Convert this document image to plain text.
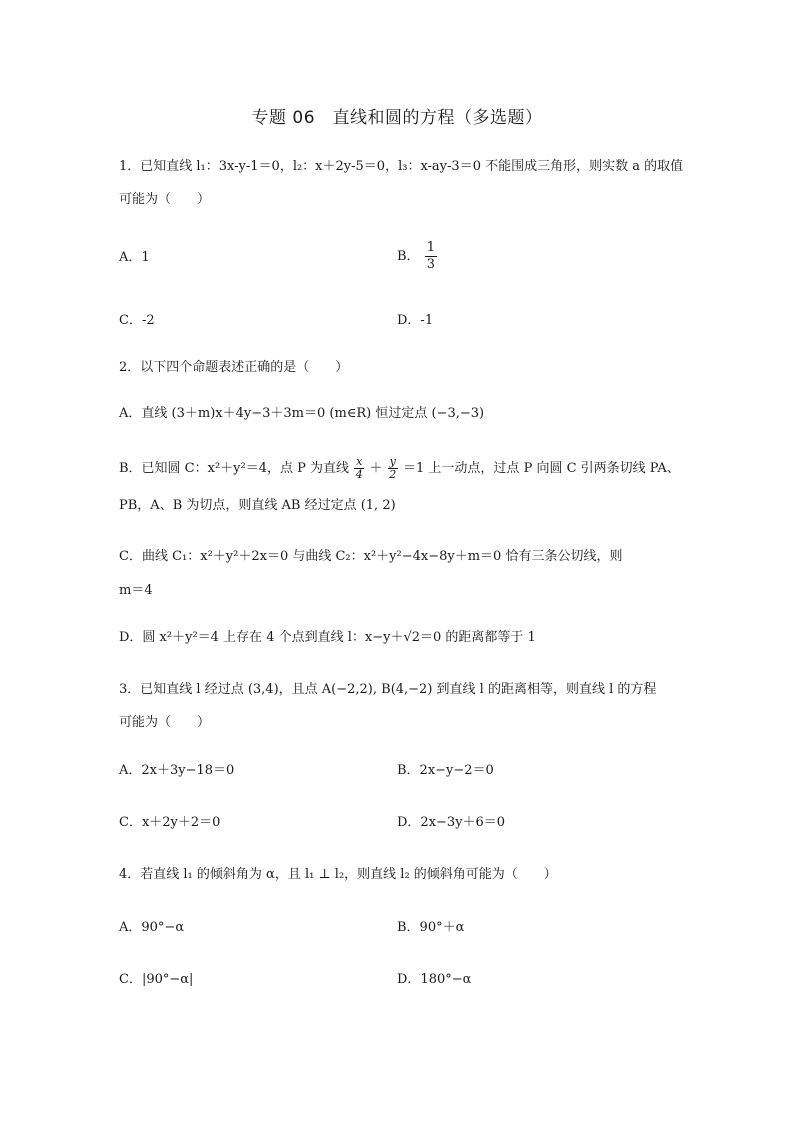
专题 06　直线和圆的方程（多选题）
1．已知直线 l₁：3x-y-1＝0，l₂：x＋2y-5＝0，l₃：x-ay-3＝0 不能围成三角形，则实数 a 的取值
可能为（　　）
A．1	B． $\frac{1}{3}$
C．-2	D．-1
2．以下四个命题表述正确的是（　　）
A．直线 (3＋m)x＋4y−3＋3m＝0 (m∈R) 恒过定点 (−3,−3)
B．已知圆 C：x²＋y²＝4，点 P 为直线 $\frac{x}{4} + \frac{y}{2} =1$ 上一动点，过点 P 向圆 C 引两条切线 PA、
PB，A、B 为切点，则直线 AB 经过定点 (1, 2)
C．曲线 C₁：x²＋y²＋2x＝0 与曲线 C₂：x²＋y²−4x−8y＋m＝0 恰有三条公切线，则
m＝4
D．圆 x²＋y²＝4 上存在 4 个点到直线 l：x−y＋√2＝0 的距离都等于 1
3．已知直线 l 经过点 (3,4)，且点 A(−2,2), B(4,−2) 到直线 l 的距离相等，则直线 l 的方程
可能为（　　）
A．2x＋3y−18＝0	B．2x−y−2＝0
C．x＋2y＋2＝0	D．2x−3y＋6＝0
4．若直线 l₁ 的倾斜角为 α，且 l₁ ⊥ l₂，则直线 l₂ 的倾斜角可能为（　　）
A．90°−α	B．90°＋α
C．|90°−α|	D．180°−α
